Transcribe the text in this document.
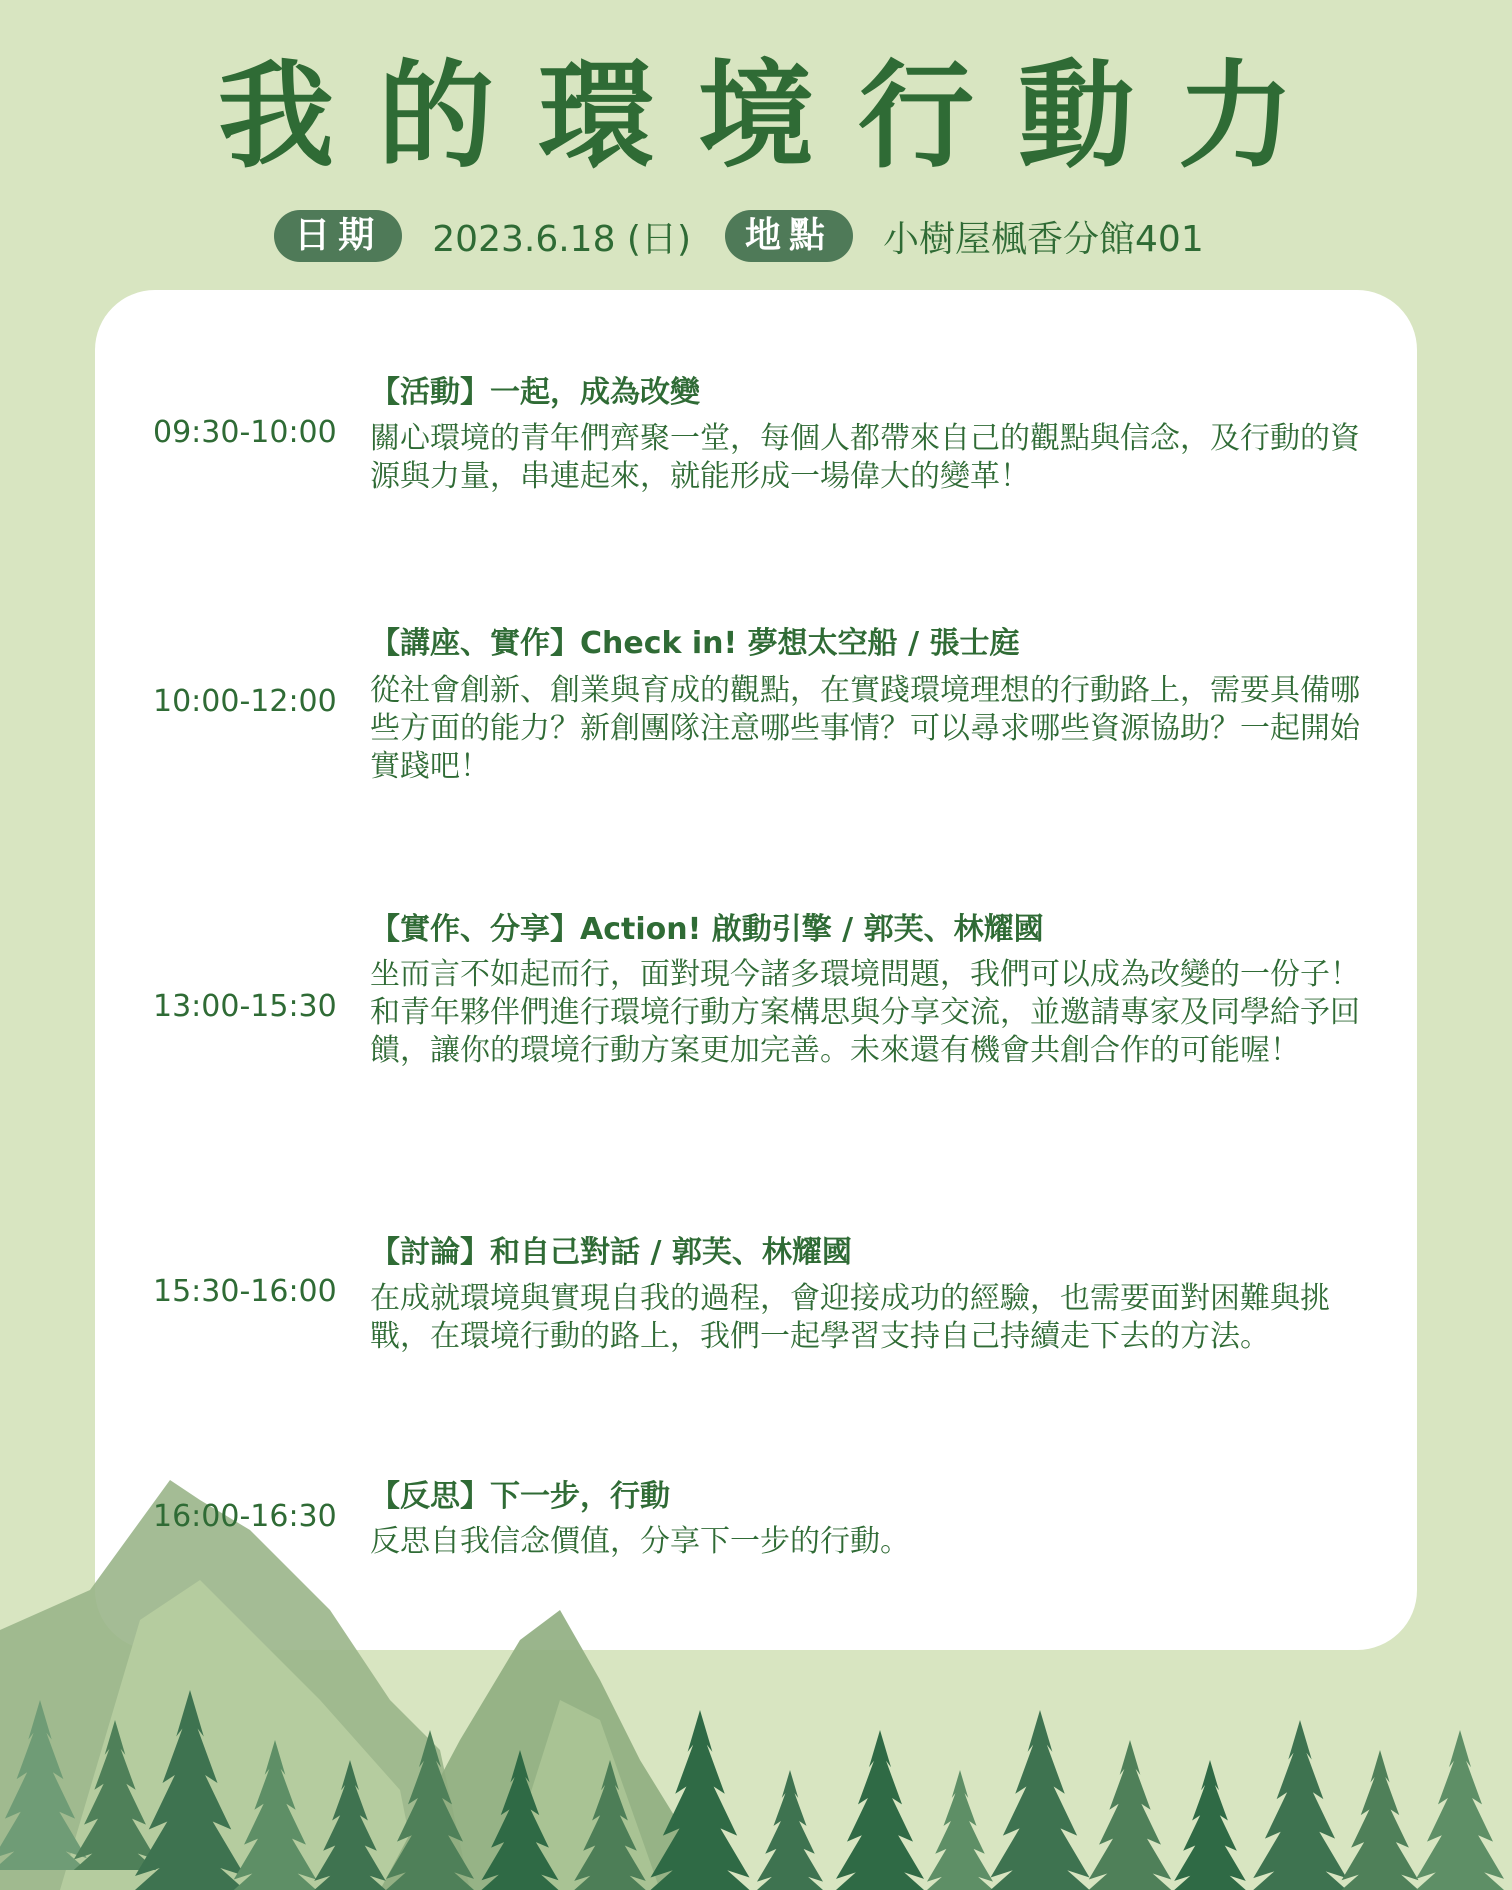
我的環境行動力
日期	2023.6.18 (日)	地點	小樹屋楓香分館401
09:30-10:00
【活動】一起，成為改變
關心環境的青年們齊聚一堂，每個人都帶來自己的觀點與信念，及行動的資源與力量，串連起來，就能形成一場偉大的變革！
10:00-12:00
【講座、實作】Check in! 夢想太空船 / 張士庭
從社會創新、創業與育成的觀點，在實踐環境理想的行動路上，需要具備哪些方面的能力？新創團隊注意哪些事情？可以尋求哪些資源協助？一起開始實踐吧！
13:00-15:30
【實作、分享】Action! 啟動引擎 / 郭芙、林耀國
坐而言不如起而行，面對現今諸多環境問題，我們可以成為改變的一份子！和青年夥伴們進行環境行動方案構思與分享交流，並邀請專家及同學給予回饋，讓你的環境行動方案更加完善。未來還有機會共創合作的可能喔！
15:30-16:00
【討論】和自己對話 / 郭芙、林耀國
在成就環境與實現自我的過程，會迎接成功的經驗，也需要面對困難與挑戰，在環境行動的路上，我們一起學習支持自己持續走下去的方法。
16:00-16:30
【反思】下一步，行動
反思自我信念價值，分享下一步的行動。
